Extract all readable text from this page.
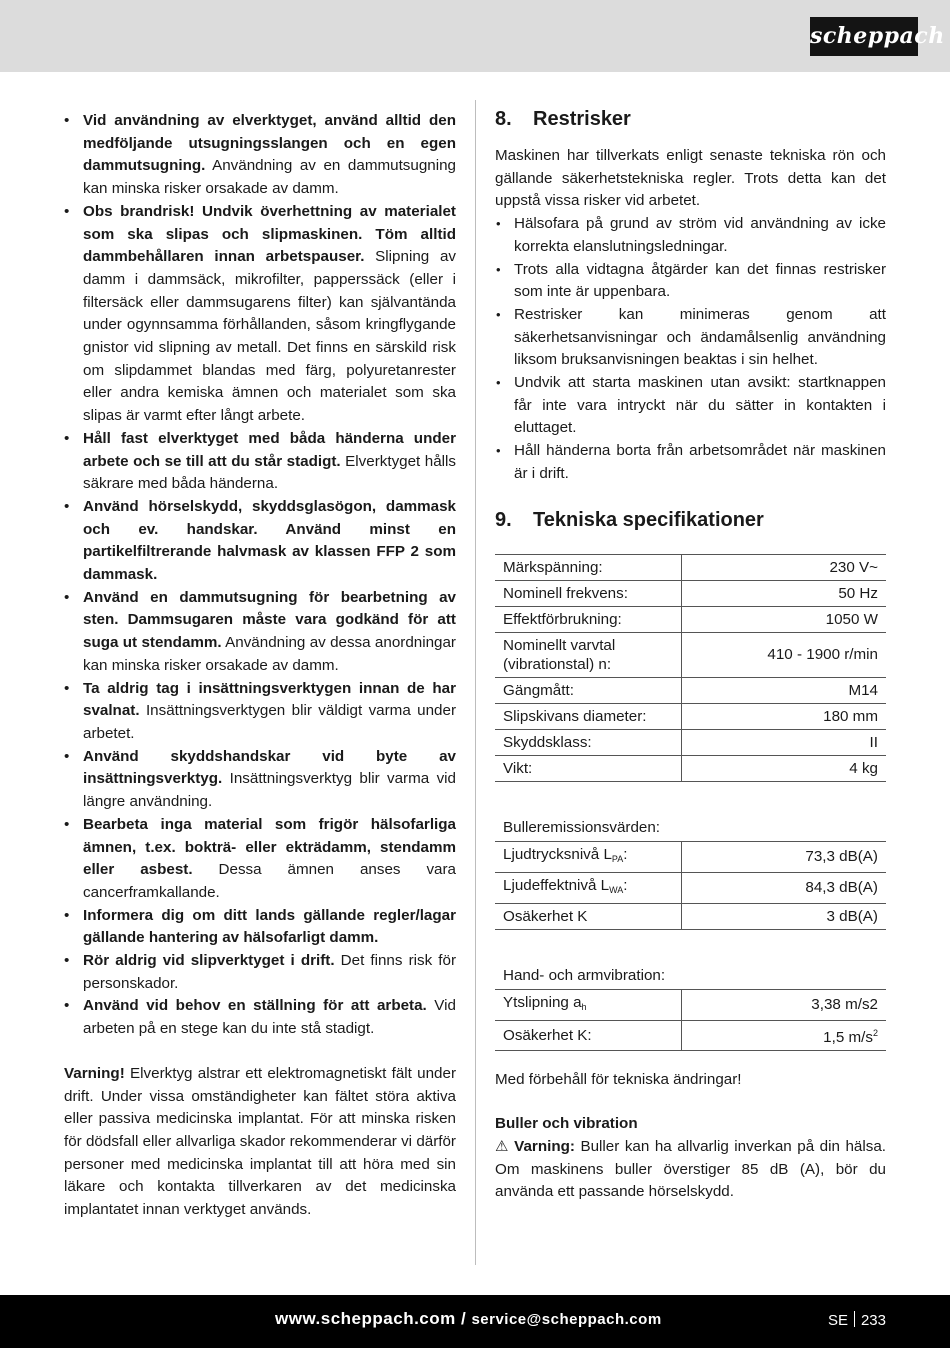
scheppach
• Vid användning av elverktyget, använd alltid den medföljande utsugningsslangen och en egen dammutsugning. Användning av en dammutsugning kan minska risker orsakade av damm.
• Obs brandrisk! Undvik överhettning av materialet som ska slipas och slipmaskinen. Töm alltid dammbehållaren innan arbetspauser. Slipning av damm i dammsäck, mikrofilter, papperssäck (eller i filtersäck eller dammsugarens filter) kan självantända under ogynnsamma förhållanden, såsom kringflygande gnistor vid slipning av metall. Det finns en särskild risk om slipdammet blandas med färg, polyuretanrester eller andra kemiska ämnen och materialet som ska slipas är varmt efter långt arbete.
• Håll fast elverktyget med båda händerna under arbete och se till att du står stadigt. Elverktyget hålls säkrare med båda händerna.
• Använd hörselskydd, skyddsglasögon, dammask och ev. handskar. Använd minst en partikelfiltrerande halvmask av klassen FFP 2 som dammask.
• Använd en dammutsugning för bearbetning av sten. Dammsugaren måste vara godkänd för att suga ut stendamm. Användning av dessa anordningar kan minska risker orsakade av damm.
• Ta aldrig tag i insättningsverktygen innan de har svalnat. Insättningsverktygen blir väldigt varma under arbetet.
• Använd skyddshandskar vid byte av insättningsverktyg. Insättningsverktyg blir varma vid längre användning.
• Bearbeta inga material som frigör hälsofarliga ämnen, t.ex. bokträ- eller ekträdamm, stendamm eller asbest. Dessa ämnen anses vara cancerframkallande.
• Informera dig om ditt lands gällande regler/lagar gällande hantering av hälsofarligt damm.
• Rör aldrig vid slipverktyget i drift. Det finns risk för personskador.
• Använd vid behov en ställning för att arbeta. Vid arbeten på en stege kan du inte stå stadigt.

Varning! Elverktyg alstrar ett elektromagnetiskt fält under drift. Under vissa omständigheter kan fältet störa aktiva eller passiva medicinska implantat. För att minska risken för dödsfall eller allvarliga skador rekommenderar vi därför personer med medicinska implantat till att höra med sin läkare och kontakta tillverkaren av det medicinska implantatet innan verktyget används.

8. Restrisker

Maskinen har tillverkats enligt senaste tekniska rön och gällande säkerhetstekniska regler. Trots detta kan det uppstå vissa risker vid arbetet.

• Hälsofara på grund av ström vid användning av icke korrekta elanslutningsledningar.
• Trots alla vidtagna åtgärder kan det finnas restrisker som inte är uppenbara.
• Restrisker kan minimeras genom att säkerhetsanvisningar och ändamålsenlig användning liksom bruksanvisningen beaktas i sin helhet.
• Undvik att starta maskinen utan avsikt: startknappen får inte vara intryckt när du sätter in kontakten i eluttaget.
• Håll händerna borta från arbetsområdet när maskinen är i drift.
9. Tekniska specifikationer
Märkspänning:	230 V~
Nominell frekvens:	50 Hz
Effektförbrukning:	1050 W
Nominellt varvtal (vibrationstal) n:	410 - 1900 r/min
Gängmått:	M14
Slipskivans diameter:	180 mm
Skyddsklass:	II
Vikt:	4 kg

Bulleremissionsvärden:	
Ljudtrycksnivå $L_{PA}$:	73,3 dB(A)
Ljudeffektnivå $L_{WA}$:	84,3 dB(A)
Osäkerhet K	3 dB(A)

Hand- och armvibration:	
Ytslipning $a_h$	3,38 m/s2
Osäkerhet K:	1,5 $m/s^2$

Med förbehåll för tekniska ändringar!

Buller och vibration

⚠ Varning: Buller kan ha allvarlig inverkan på din hälsa. Om maskinens buller överstiger 85 dB (A), bör du använda ett passande hörselskydd.

www.scheppach.com / service@scheppach.com	SE 233
